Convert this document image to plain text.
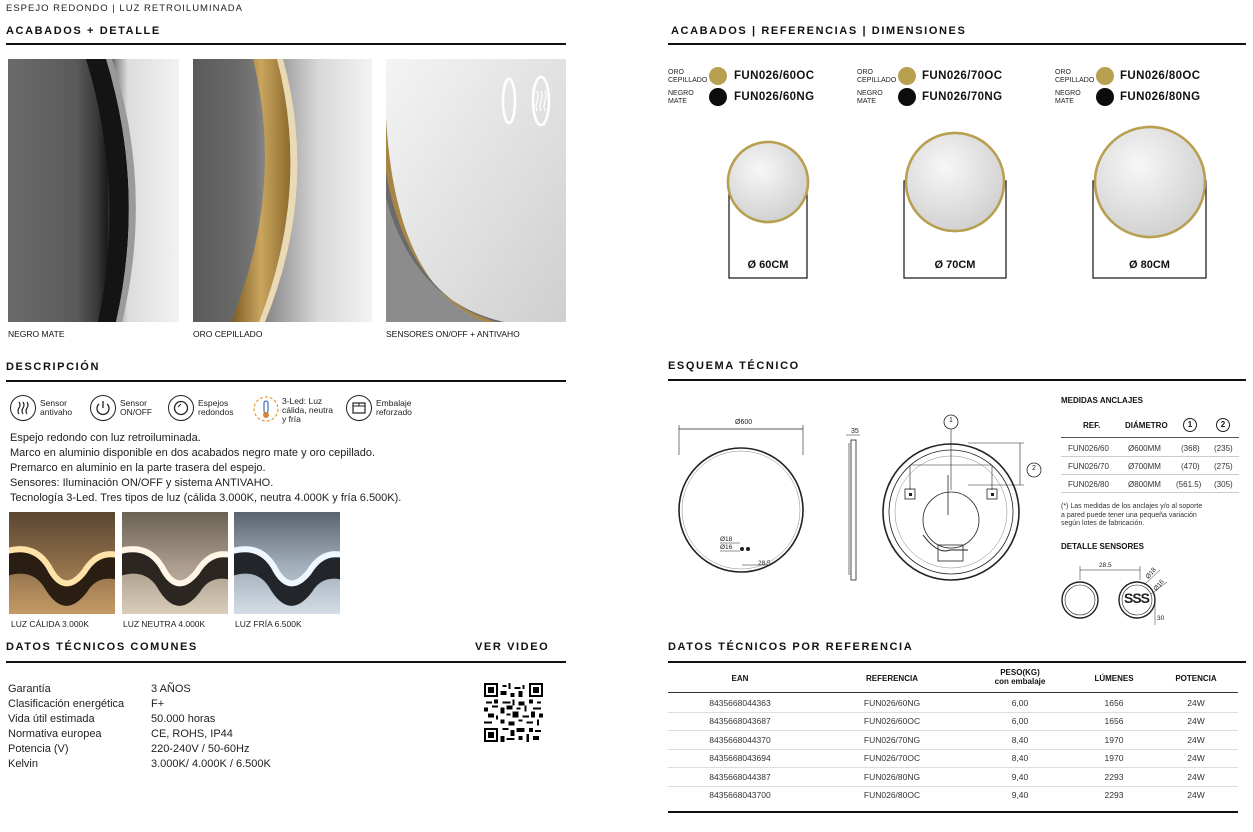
ESPEJO REDONDO | LUZ RETROILUMINADA
ACABADOS + DETALLE
NEGRO MATE	ORO CEPILLADO	SENSORES ON/OFF + ANTIVAHO
DESCRIPCIÓN
Sensor
antivaho
Sensor
ON/OFF
Espejos
redondos
3-Led: Luz
cálida, neutra
y fría
Embalaje
reforzado
Espejo redondo con luz retroiluminada.
Marco en aluminio disponible en dos acabados negro mate y oro cepillado.
Premarco en aluminio en la parte trasera del espejo.
Sensores: Iluminación ON/OFF y sistema ANTIVAHO.
Tecnología 3-Led. Tres tipos de luz (cálida 3.000K, neutra 4.000K y fría 6.500K).
LUZ CÁLIDA 3.000K	LUZ NEUTRA 4.000K	LUZ FRÍA 6.500K
DATOS TÉCNICOS COMUNES	VER VIDEO
Garantía	3 AÑOS
Clasificación energética F+
Vida útil estimada	50.000 horas
Normativa europea	CE, ROHS, IP44
Potencia (V)	220-240V / 50-60Hz
Kelvin	3.000K/ 4.000K / 6.500K
ACABADOS | REFERENCIAS | DIMENSIONES
ORO
CEPILLADO FUN026/60OC
NEGRO
MATE	FUN026/60NG
ORO
CEPILLADO FUN026/70OC
NEGRO
MATE	FUN026/70NG
ORO
CEPILLADO FUN026/80OC
NEGRO
MATE	FUN026/80NG
Ø 60CM	Ø 70CM	Ø 80CM
ESQUEMA TÉCNICO
Ø600
35
Ø18
Ø16
28.5
1
2
MEDIDAS ANCLAJES
REF.	DIÁMETRO	1	2
FUN026/60 Ø600MM	(368) (235)
FUN026/70 Ø700MM	(470) (275)
FUN026/80 Ø800MM (561.5) (305)
(*) Las medidas de los anclajes y/o al soporte
a pared puede tener una pequeña variación
según lotes de fabricación.
DETALLE SENSORES
SSS
28.5
Ø18
Ø16
30
DATOS TÉCNICOS POR REFERENCIA
EAN	REFERENCIA
PESO(KG)
con embalaje	LÚMENES	POTENCIA
8435668044363	FUN026/60NG	6,00	1656	24W
8435668043687	FUN026/60OC	6,00	1656	24W
8435668044370	FUN026/70NG	8,40	1970	24W
8435668043694	FUN026/70OC	8,40	1970	24W
8435668044387	FUN026/80NG	9,40	2293	24W
8435668043700	FUN026/80OC	9,40	2293	24W
